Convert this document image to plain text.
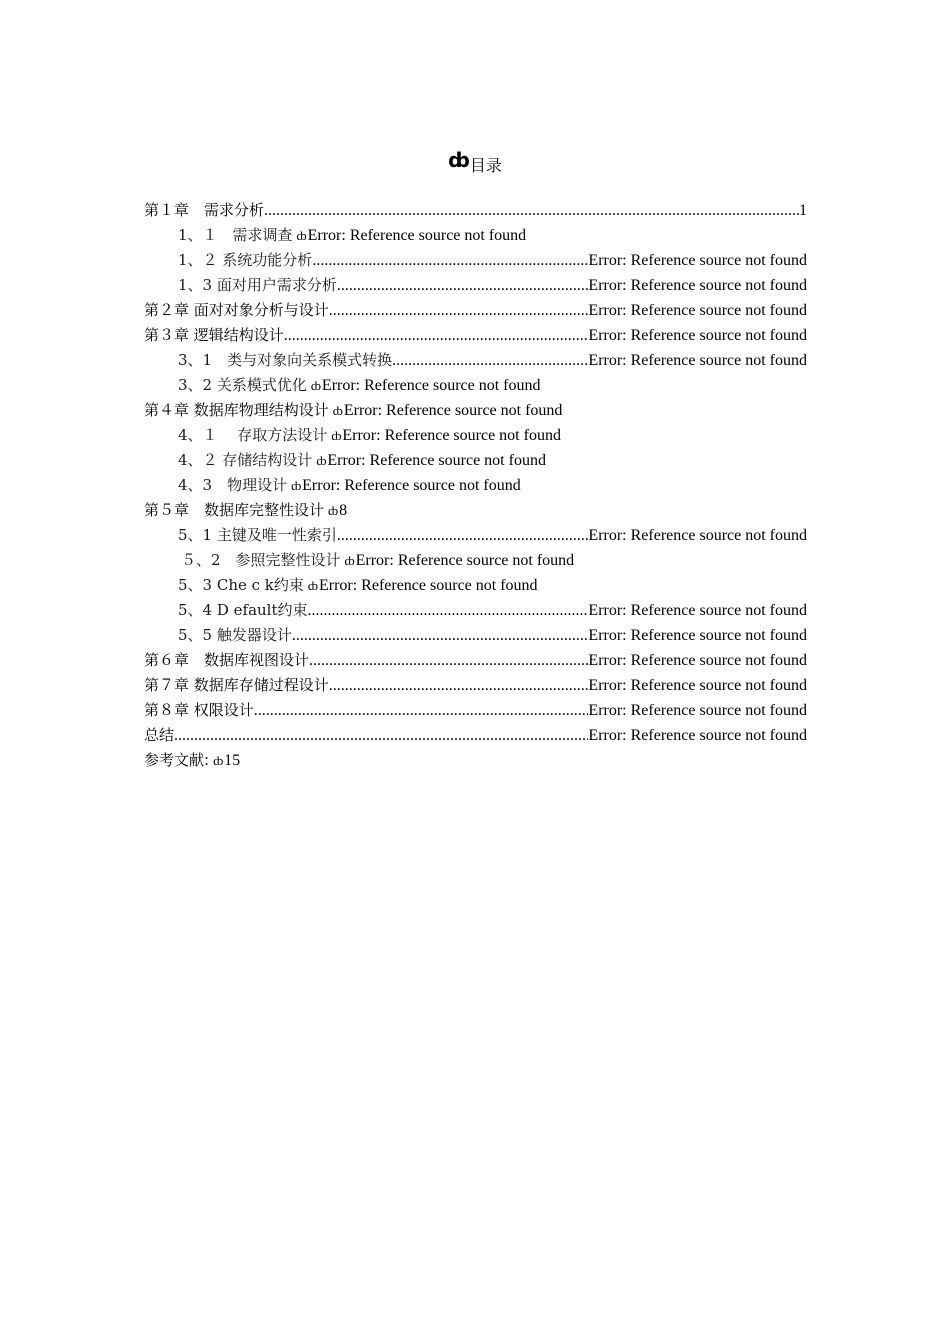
ȸ目录
第１章　需求分析 .....	1
1、１　需求调查 ȸ Error: Reference source not found
1、２ 系统功能分析 .....	Error: Reference source not found
1、3 面对用户需求分析 .....	Error: Reference source not found
第２章 面对对象分析与设计 .....	Error: Reference source not found
第３章 逻辑结构设计 .....	Error: Reference source not found
3、1　类与对象向关系模式转换 .....	Error: Reference source not found
3、2 关系模式优化 ȸ Error: Reference source not found
第４章 数据库物理结构设计 ȸ Error: Reference source not found
4、１　 存取方法设计 ȸ Error: Reference source not found
4、２ 存储结构设计 ȸ Error: Reference source not found
4、3　物理设计 ȸ Error: Reference source not found
第５章　数据库完整性设计 ȸ 8
5、1 主键及唯一性索引 .....	Error: Reference source not found
５、2　参照完整性设计 ȸ Error: Reference source not found
5、3 Che c k约束 ȸ Error: Reference source not found
5、4 D efault约束 .....	Error: Reference source not found
5、5 触发器设计 .....	Error: Reference source not found
第６章　数据库视图设计 .....	Error: Reference source not found
第７章 数据库存储过程设计 .....	Error: Reference source not found
第８章 权限设计 .....	Error: Reference source not found
总结 .....	Error: Reference source not found
参考文献: ȸ 15
